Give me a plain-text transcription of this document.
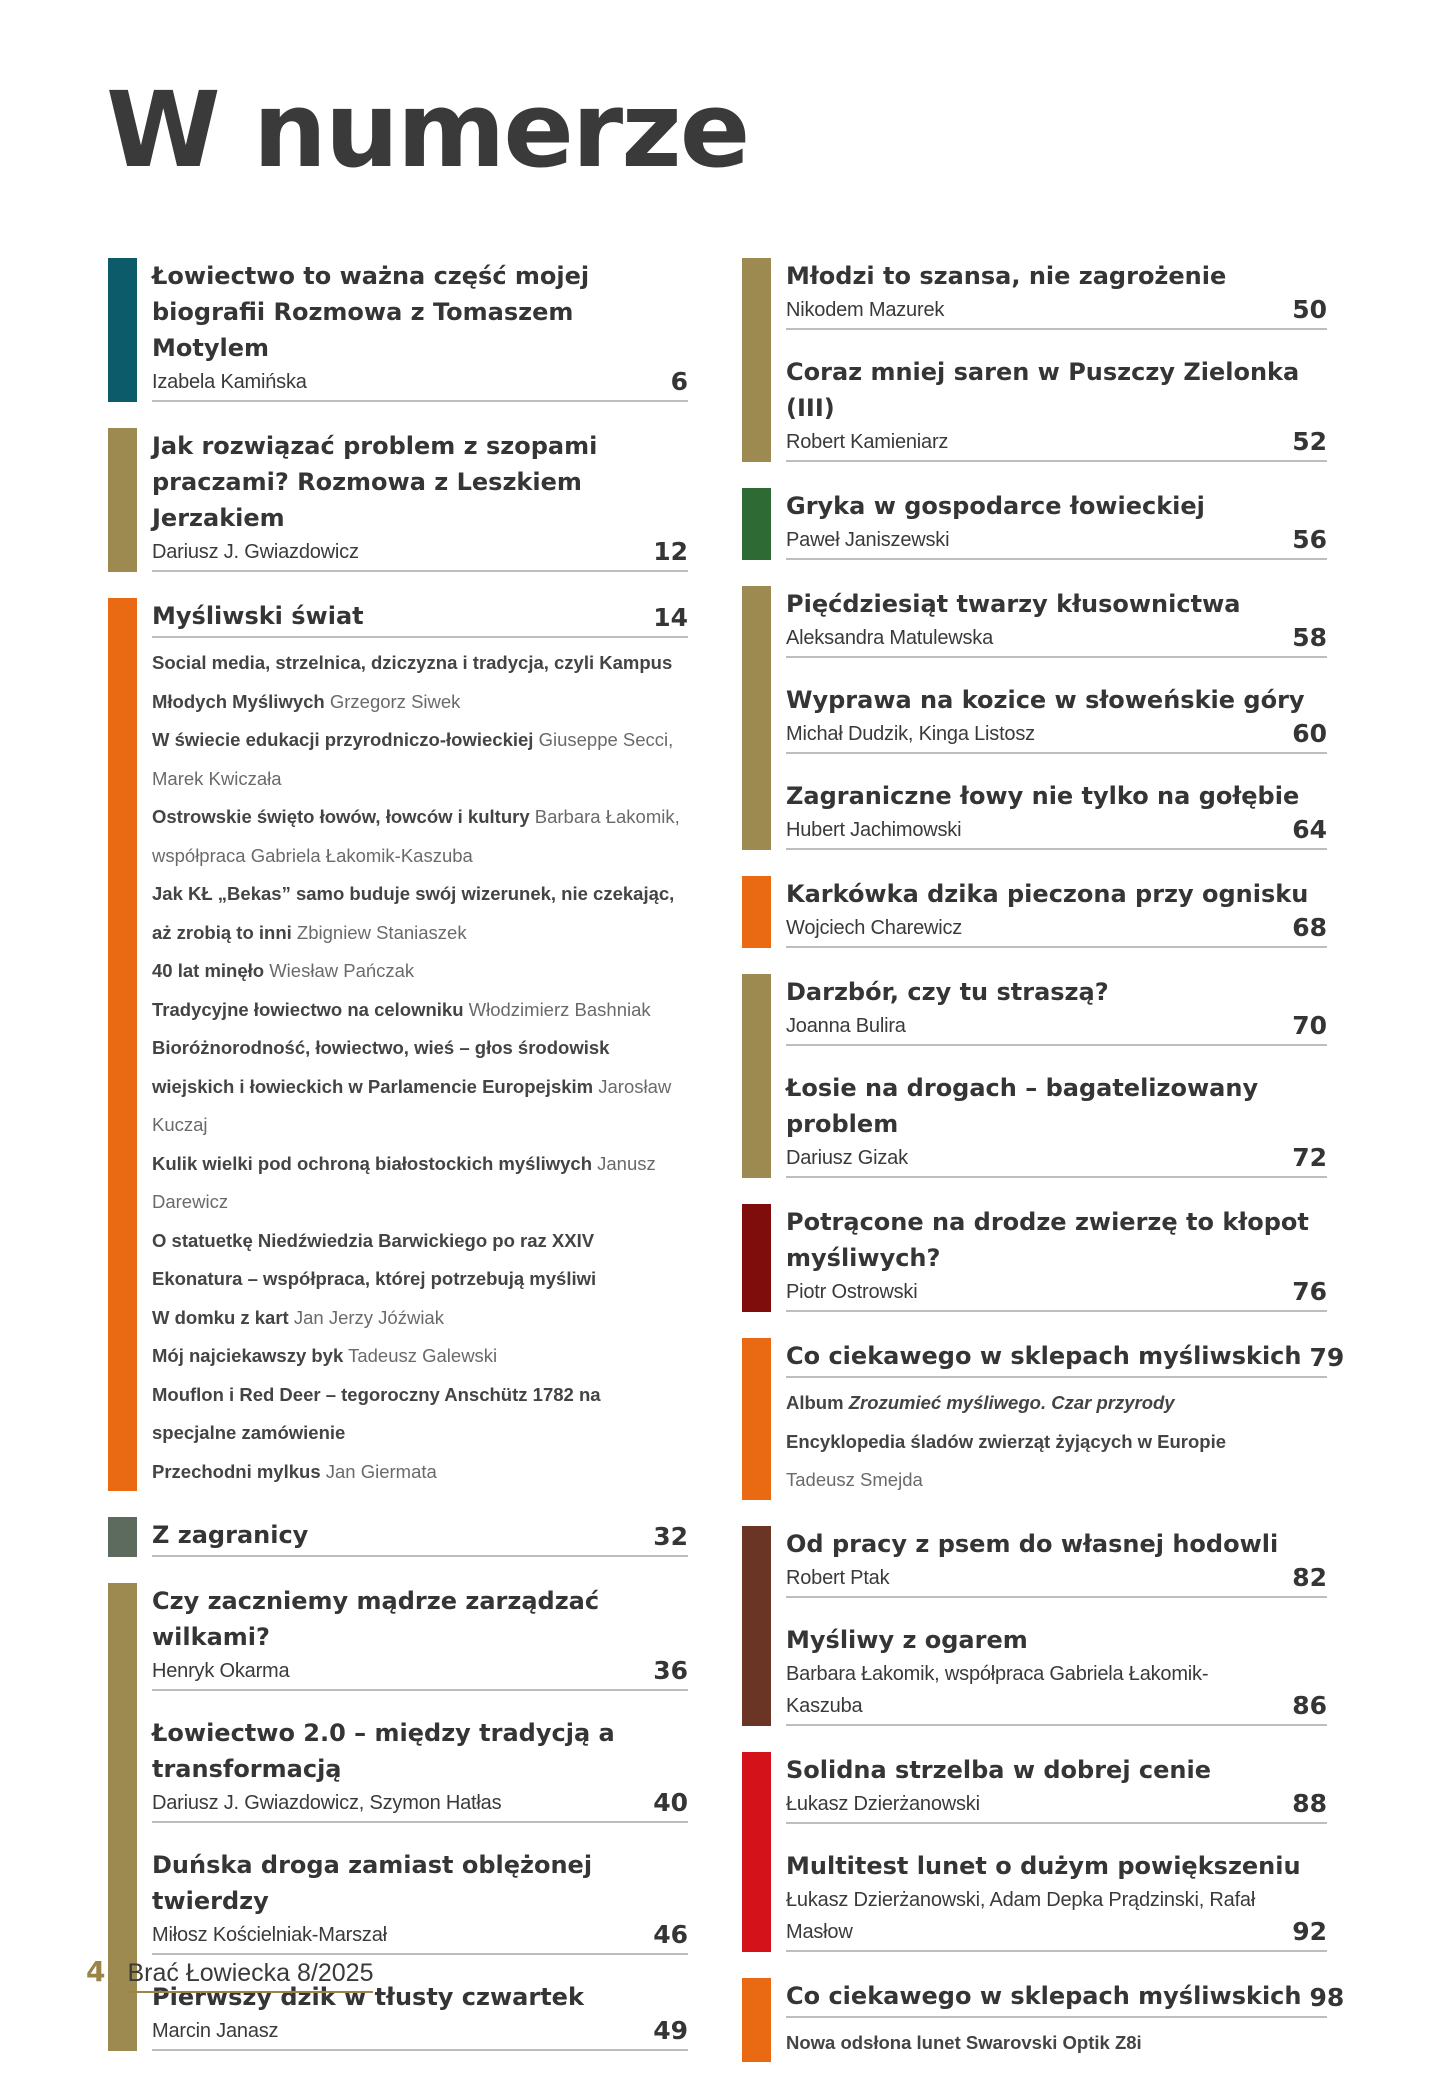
W numerze
Łowiectwo to ważna część mojej biografii Rozmowa z Tomaszem Motylem
Izabela Kamińska	6
Jak rozwiązać problem z szopami praczami? Rozmowa z Leszkiem Jerzakiem
Dariusz J. Gwiazdowicz	12
Myśliwski świat	14
Social media, strzelnica, dziczyzna i tradycja, czyli Kampus Młodych Myśliwych Grzegorz Siwek
W świecie edukacji przyrodniczo-łowieckiej Giuseppe Secci, Marek Kwiczała
Ostrowskie święto łowów, łowców i kultury Barbara Łakomik, współpraca Gabriela Łakomik-Kaszuba
Jak KŁ „Bekas” samo buduje swój wizerunek, nie czekając, aż zrobią to inni Zbigniew Staniaszek
40 lat minęło Wiesław Pańczak
Tradycyjne łowiectwo na celowniku Włodzimierz Bashniak
Bioróżnorodność, łowiectwo, wieś – głos środowisk wiejskich i łowieckich w Parlamencie Europejskim Jarosław Kuczaj
Kulik wielki pod ochroną białostockich myśliwych Janusz Darewicz
O statuetkę Niedźwiedzia Barwickiego po raz XXIV
Ekonatura – współpraca, której potrzebują myśliwi
W domku z kart Jan Jerzy Jóźwiak
Mój najciekawszy byk Tadeusz Galewski
Mouflon i Red Deer – tegoroczny Anschütz 1782 na specjalne zamówienie
Przechodni mylkus Jan Giermata
Z zagranicy	32
Czy zaczniemy mądrze zarządzać wilkami?
Henryk Okarma	36
Łowiectwo 2.0 – między tradycją a transformacją
Dariusz J. Gwiazdowicz, Szymon Hatłas	40
Duńska droga zamiast oblężonej twierdzy
Miłosz Kościelniak-Marszał	46
Pierwszy dzik w tłusty czwartek
Marcin Janasz	49
Młodzi to szansa, nie zagrożenie
Nikodem Mazurek	50
Coraz mniej saren w Puszczy Zielonka (III)
Robert Kamieniarz	52
Gryka w gospodarce łowieckiej
Paweł Janiszewski	56
Pięćdziesiąt twarzy kłusownictwa
Aleksandra Matulewska	58
Wyprawa na kozice w słoweńskie góry
Michał Dudzik, Kinga Listosz	60
Zagraniczne łowy nie tylko na gołębie
Hubert Jachimowski	64
Karkówka dzika pieczona przy ognisku
Wojciech Charewicz	68
Darzbór, czy tu straszą?
Joanna Bulira	70
Łosie na drogach – bagatelizowany problem
Dariusz Gizak	72
Potrącone na drodze zwierzę to kłopot myśliwych?
Piotr Ostrowski	76
Co ciekawego w sklepach myśliwskich 79
Album Zrozumieć myśliwego. Czar przyrody
Encyklopedia śladów zwierząt żyjących w Europie
Tadeusz Smejda
Od pracy z psem do własnej hodowli
Robert Ptak	82
Myśliwy z ogarem
Barbara Łakomik, współpraca Gabriela Łakomik-Kaszuba	86
Solidna strzelba w dobrej cenie
Łukasz Dzierżanowski	88
Multitest lunet o dużym powiększeniu
Łukasz Dzierżanowski, Adam Depka Prądzinski, Rafał Masłow	92
Co ciekawego w sklepach myśliwskich 98
Nowa odsłona lunet Swarovski Optik Z8i
4 Brać Łowiecka 8/2025
